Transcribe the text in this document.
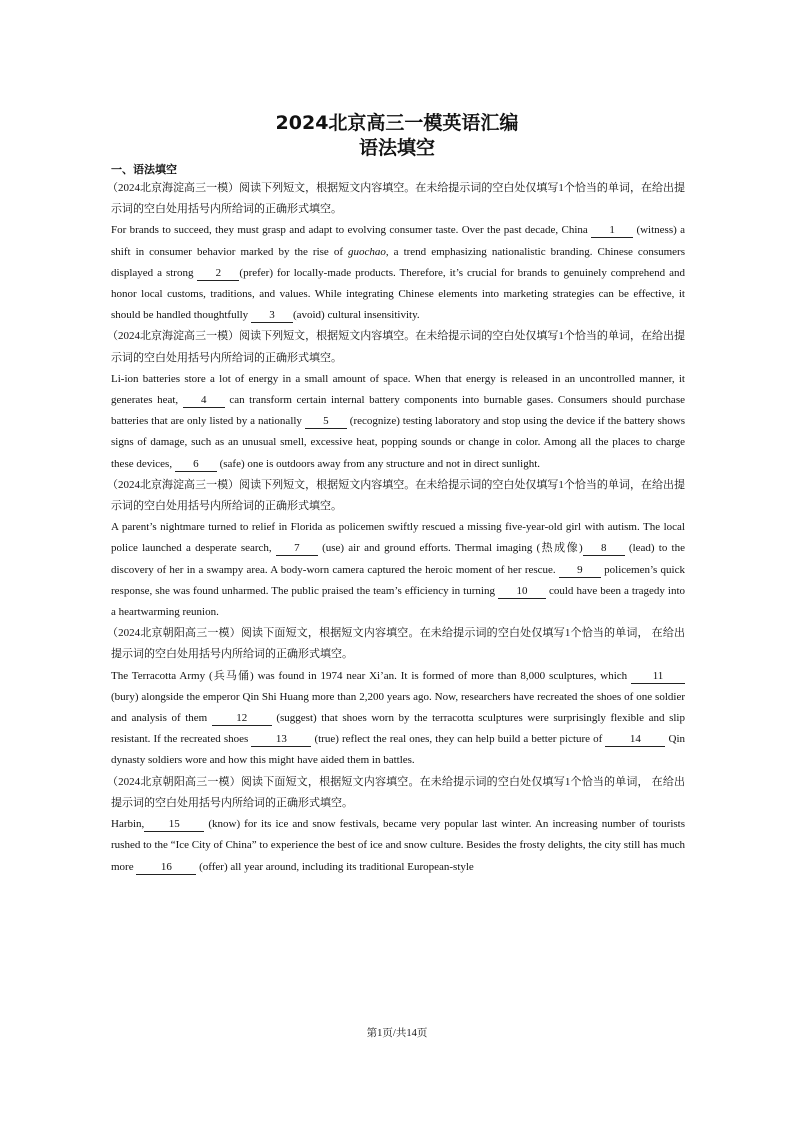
2024北京高三一模英语汇编
语法填空

一、语法填空

（2024北京海淀高三一模）阅读下列短文，根据短文内容填空。在未给提示词的空白处仅填写1个恰当的单词，在给出提示词的空白处用括号内所给词的正确形式填空。

For brands to succeed, they must grasp and adapt to evolving consumer taste. Over the past decade, China 1 (witness) a shift in consumer behavior marked by the rise of guochao, a trend emphasizing nationalistic branding. Chinese consumers displayed a strong 2 (prefer) for locally-made products. Therefore, it’s crucial for brands to genuinely comprehend and honor local customs, traditions, and values. While integrating Chinese elements into marketing strategies can be effective, it should be handled thoughtfully 3 (avoid) cultural insensitivity.

（2024北京海淀高三一模）阅读下列短文，根据短文内容填空。在未给提示词的空白处仅填写1个恰当的单词，在给出提示词的空白处用括号内所给词的正确形式填空。

Li-ion batteries store a lot of energy in a small amount of space. When that energy is released in an uncontrolled manner, it generates heat, 4 can transform certain internal battery components into burnable gases. Consumers should purchase batteries that are only listed by a nationally 5 (recognize) testing laboratory and stop using the device if the battery shows signs of damage, such as an unusual smell, excessive heat, popping sounds or change in color. Among all the places to charge these devices, 6 (safe) one is outdoors away from any structure and not in direct sunlight.

（2024北京海淀高三一模）阅读下列短文，根据短文内容填空。在未给提示词的空白处仅填写1个恰当的单词，在给出提示词的空白处用括号内所给词的正确形式填空。

A parent’s nightmare turned to relief in Florida as policemen swiftly rescued a missing five-year-old girl with autism. The local police launched a desperate search, 7 (use) air and ground efforts. Thermal imaging (热成像) 8 (lead) to the discovery of her in a swampy area. A body-worn camera captured the heroic moment of her rescue. 9 policemen’s quick response, she was found unharmed. The public praised the team’s efficiency in turning 10 could have been a tragedy into a heartwarming reunion.

（2024北京朝阳高三一模）阅读下面短文，根据短文内容填空。在未给提示词的空白处仅填写1个恰当的单词， 在给出提示词的空白处用括号内所给词的正确形式填空。

The Terracotta Army (兵马俑) was found in 1974 near Xi’an. It is formed of more than 8,000 sculptures, which 11 (bury) alongside the emperor Qin Shi Huang more than 2,200 years ago. Now, researchers have recreated the shoes of one soldier and analysis of them 12 (suggest) that shoes worn by the terracotta sculptures were surprisingly flexible and slip resistant. If the recreated shoes 13 (true) reflect the real ones, they can help build a better picture of 14 Qin dynasty soldiers wore and how this might have aided them in battles.

（2024北京朝阳高三一模）阅读下面短文，根据短文内容填空。在未给提示词的空白处仅填写1个恰当的单词， 在给出提示词的空白处用括号内所给词的正确形式填空。

Harbin, 15 (know) for its ice and snow festivals, became very popular last winter. An increasing number of tourists rushed to the “Ice City of China” to experience the best of ice and snow culture. Besides the frosty delights, the city still has much more 16 (offer) all year around, including its traditional European-style

第1页/共14页
